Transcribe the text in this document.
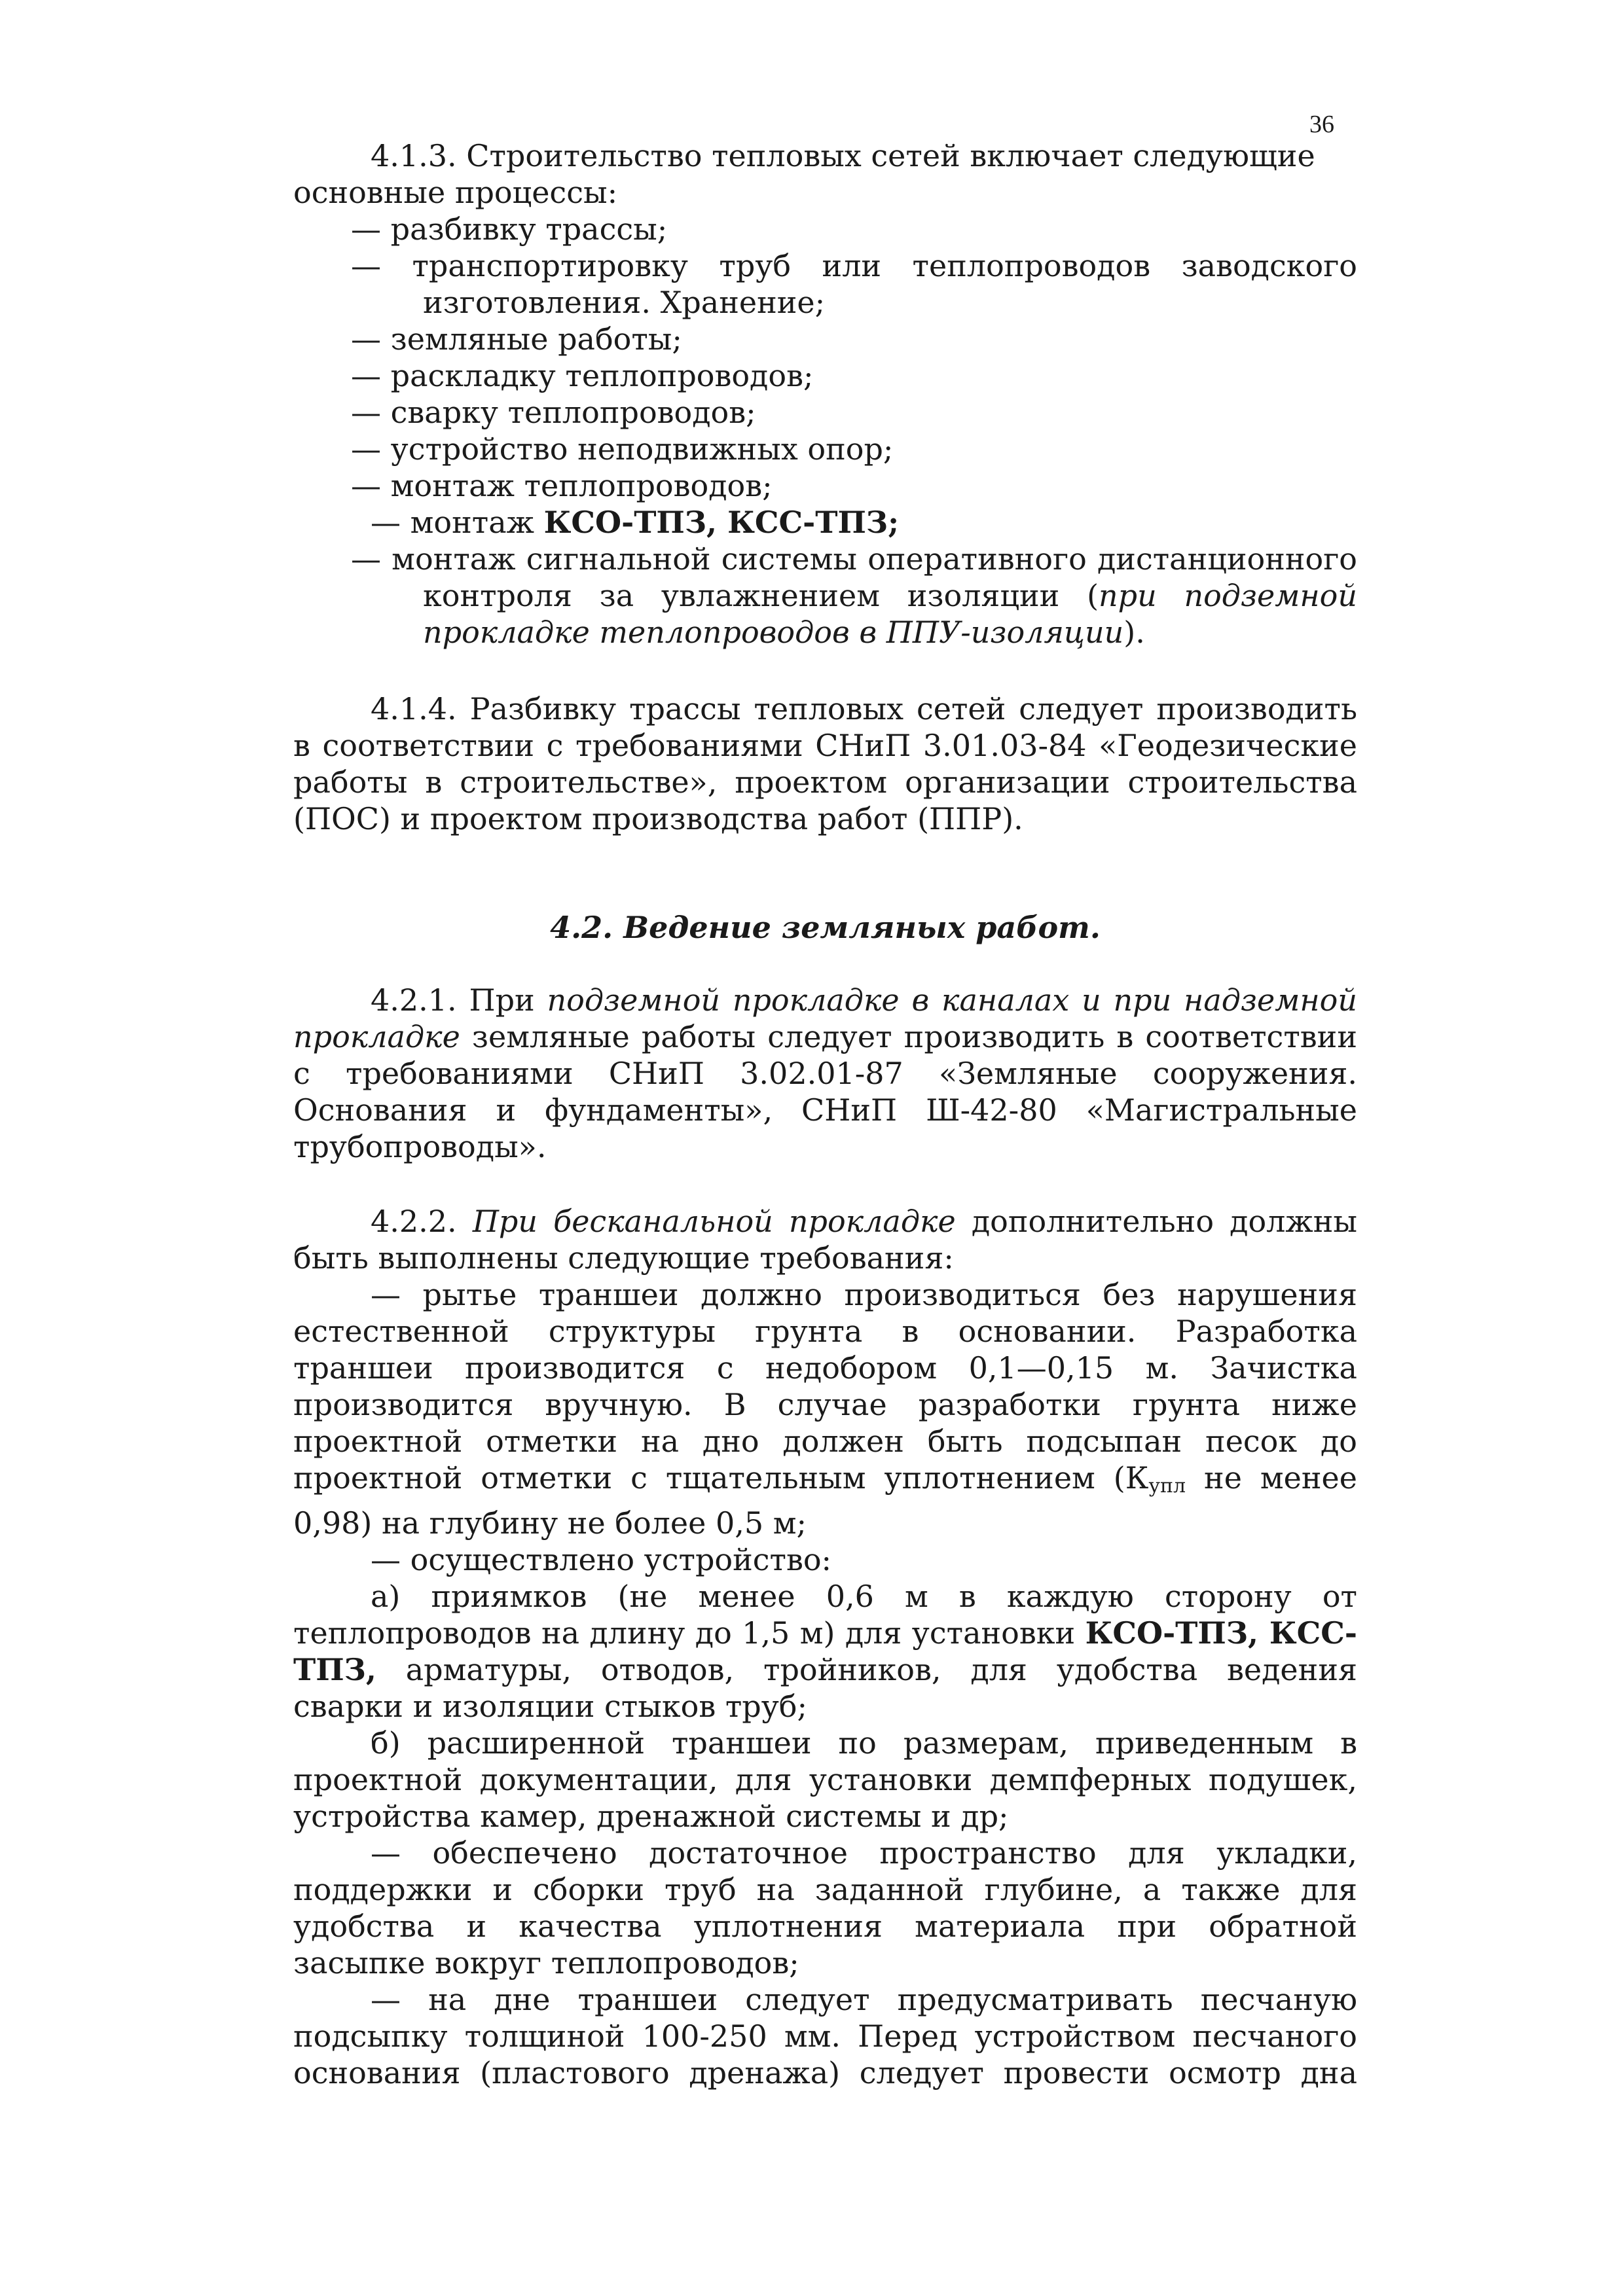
36

4.1.3. Строительство тепловых сетей включает следующие

основные процессы:

— разбивку трассы;

— транспортировку труб или теплопроводов заводского изготовления. Хранение;

— земляные работы;

— раскладку теплопроводов;

— сварку теплопроводов;

— устройство неподвижных опор;

— монтаж теплопроводов;

— монтаж КСО-ТПЗ, КСС-ТПЗ;

— монтаж сигнальной системы оперативного дистанционного контроля за увлажнением изоляции (при подземной прокладке теплопроводов в ППУ-изоляции).

4.1.4. Разбивку трассы тепловых сетей следует производить в соответствии с требованиями СНиП 3.01.03-84 «Геодезические работы в строительстве», проектом организации строительства (ПОС) и проектом производства работ (ППР).

4.2. Ведение земляных работ.

4.2.1. При подземной прокладке в каналах и при надземной прокладке земляные работы следует производить в соответствии с требованиями СНиП 3.02.01-87 «Земляные сооружения. Основания и фундаменты», СНиП Ш-42-80 «Магистральные трубопроводы».

4.2.2. При бесканальной прокладке дополнительно должны быть выполнены следующие требования:

— рытье траншеи должно производиться без нарушения естественной структуры грунта в основании. Разработка траншеи производится с недобором 0,1—0,15 м. Зачистка производится вручную. В случае разработки грунта ниже проектной отметки на дно должен быть подсыпан песок до проектной отметки с тщательным уплотнением ($К_{упл}$ не менее 0,98) на глубину не более 0,5 м;

— осуществлено устройство:

а) приямков (не менее 0,6 м в каждую сторону от теплопроводов на длину до 1,5 м) для установки КСО-ТПЗ, КСС-ТПЗ, арматуры, отводов, тройников, для удобства ведения сварки и изоляции стыков труб;

б) расширенной траншеи по размерам, приведенным в проектной документации, для установки демпферных подушек, устройства камер, дренажной системы и др;

— обеспечено достаточное пространство для укладки, поддержки и сборки труб на заданной глубине, а также для удобства и качества уплотнения материала при обратной засыпке вокруг теплопроводов;

— на дне траншеи следует предусматривать песчаную подсыпку толщиной 100-250 мм. Перед устройством песчаного основания (пластового дренажа) следует провести осмотр дна
